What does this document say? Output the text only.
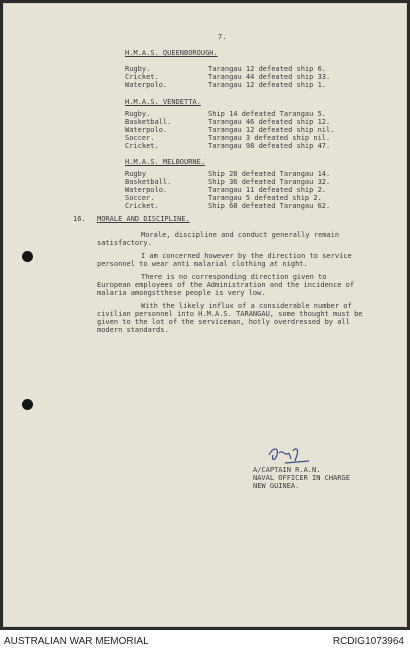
7.
H.M.A.S. QUEENBOROUGH.
Rugby.	Tarangau 12 defeated ship 6.
Cricket.	Tarangau 44 defeated ship 33.
Waterpolo.	Tarangau 12 defeated ship 1.
H.M.A.S. VENDETTA.
Rugby.	Ship 14 defeated Tarangau 5.
Basketball.	Tarangau 46 defeated ship 12.
Waterpolo.	Tarangau 12 defeated ship nil.
Soccer.	Tarangau 3 defeated ship nil.
Cricket.	Tarangau 98 defeated ship 47.
H.M.A.S. MELBOURNE.
Rugby	Ship 28 defeated Tarangau 14.
Basketball.	Ship 36 defeated Tarangau 32.
Waterpolo.	Tarangau 11 defeated ship 2.
Soccer.	Tarangau 5 defeated ship 2.
Cricket.	Ship 68 defeated Tarangau 62.
16. MORALE AND DISCIPLINE.
Morale, discipline and conduct generally remain
satisfactory.
I am concerned however by the direction to service
personnel to wear anti malarial clothing at night.
There is no corresponding direction given to
European employees of the Administration and the incidence of
malaria amongstthese people is very low.
With the likely influx of a considerable number of
civilian personnel into H.M.A.S. TARANGAU, some thought must be
given to the lot of the serviceman, hotly overdressed by all
modern standards.
A/CAPTAIN R.A.N.
NAVAL OFFICER IN CHARGE
NEW GUINEA.
AUSTRALIAN WAR MEMORIAL	RCDIG1073964
